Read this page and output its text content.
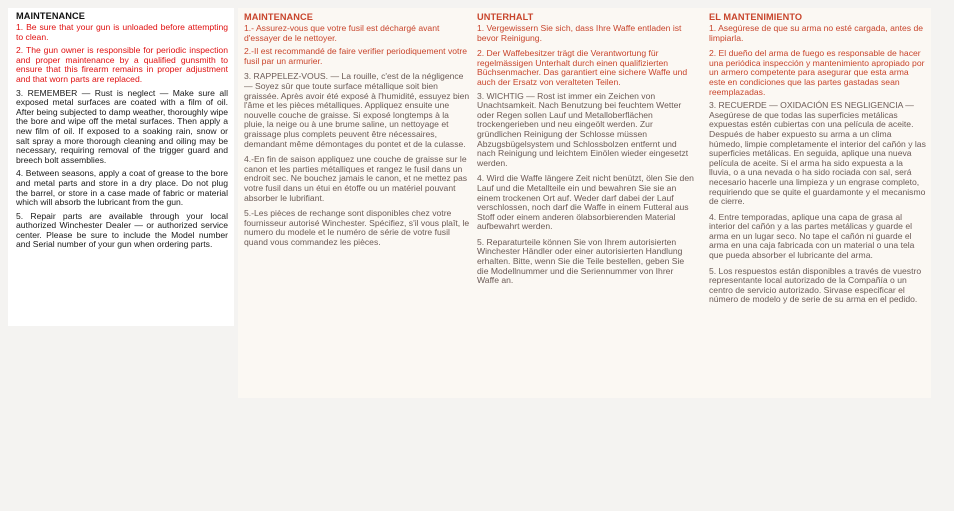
MAINTENANCE

1. Be sure that your gun is unloaded before attempting to clean.

2. The gun owner is responsible for periodic inspection and proper maintenance by a qualified gunsmith to ensure that this firearm remains in proper adjustment and that worn parts are replaced.

3. REMEMBER — Rust is neglect — Make sure all exposed metal surfaces are coated with a film of oil. After being subjected to damp weather, thoroughly wipe the bore and wipe off the metal surfaces. Then apply a new film of oil. If exposed to a soaking rain, snow or salt spray a more thorough cleaning and oiling may be necessary, requiring removal of the trigger guard and breech bolt assemblies.

4. Between seasons, apply a coat of grease to the bore and metal parts and store in a dry place. Do not plug the barrel, or store in a case made of fabric or material which will absorb the lubricant from the gun.

5. Repair parts are available through your local authorized Winchester Dealer — or authorized service center. Please be sure to include the Model number and Serial number of your gun when ordering parts.

MAINTENANCE

1.- Assurez-vous que votre fusil est déchargé avant d'essayer de le nettoyer.

2.-Il est recommandé de faire verifier periodiquement votre fusil par un armurier.

3. RAPPELEZ-VOUS. — La rouille, c'est de la négligence — Soyez sûr que toute surface métallique soit bien graissée. Après avoir été exposé à l'humidité, essuyez bien l'âme et les pièces métalliques. Appliquez ensuite une nouvelle couche de graisse. Si exposé longtemps à la pluie, la neige ou à une brume saline, un nettoyage et graissage plus complets peuvent être nécessaires, demandant même démontages du pontet et de la culasse.

4.-En fin de saison appliquez une couche de graisse sur le canon et les parties métalliques et rangez le fusil dans un endroit sec. Ne bouchez jamais le canon, et ne mettez pas votre fusil dans un étui en étoffe ou un matériel pouvant absorber le lubrifiant.

5.-Les pièces de rechange sont disponibles chez votre fournisseur autorisé Winchester. Spécifiez, s'il vous plaît, le numero du modele et le numéro de série de votre fusil quand vous commandez les pièces.

UNTERHALT

1. Vergewissern Sie sich, dass Ihre Waffe entladen ist bevor Reinigung.

2. Der Waffebesitzer trägt die Verantwortung für regelmässigen Unterhalt durch einen qualifizierten Büchsenmacher. Das garantiert eine sichere Waffe und auch der Ersatz von veralteten Teilen.

3. WICHTIG — Rost ist immer ein Zeichen von Unachtsamkeit. Nach Benutzung bei feuchtem Wetter oder Regen sollen Lauf und Metalloberflächen trockengerieben und neu eingeölt werden. Zur gründlichen Reinigung der Schlosse müssen Abzugsbügelsystem und Schlossbolzen entfernt und nach Reinigung und leichtem Einölen wieder eingesetzt werden.

4. Wird die Waffe längere Zeit nicht benützt, ölen Sie den Lauf und die Metallteile ein und bewahren Sie sie an einem trockenen Ort auf. Weder darf dabei der Lauf verschlossen, noch darf die Waffe in einem Futteral aus Stoff oder einem anderen ölabsorbierenden Material aufbewahrt werden.

5. Reparaturteile können Sie von Ihrem autorisierten Winchester Händler oder einer autorisierten Handlung erhalten. Bitte, wenn Sie die Teile bestellen, geben Sie die Modellnummer und die Seriennummer von Ihrer Waffe an.

EL MANTENIMIENTO

1. Asegúrese de que su arma no esté cargada, antes de limpiarla.

2. El dueño del arma de fuego es responsable de hacer una periódica inspección y mantenimiento apropiado por un armero competente para asegurar que esta arma este en condiciones que las partes gastadas sean reemplazadas.

3. RECUERDE — OXIDACIÓN ES NEGLIGENCIA — Asegúrese de que todas las superficies metálicas expuestas estén cubiertas con una película de aceite. Después de haber expuesto su arma a un clima húmedo, limpie completamente el interior del cañón y las superficies metálicas. En seguida, aplique una nueva película de aceite. Si el arma ha sido expuesta a la lluvia, o a una nevada o ha sido rociada con sal, será necesario hacerle una limpieza y un engrase completo, requiriendo que se quite el guardamonte y el mecanismo de cierre.

4. Entre temporadas, aplique una capa de grasa al interior del cañón y a las partes metálicas y guarde el arma en un lugar seco. No tape el cañón ni guarde el arma en una caja fabricada con un material o una tela que pueda absorber el lubricante del arma.

5. Los respuestos están disponibles a través de vuestro representante local autorizado de la Compañía o un centro de servicio autorizado. Sirvase especificar el número de modelo y de serie de su arma en el pedido.
